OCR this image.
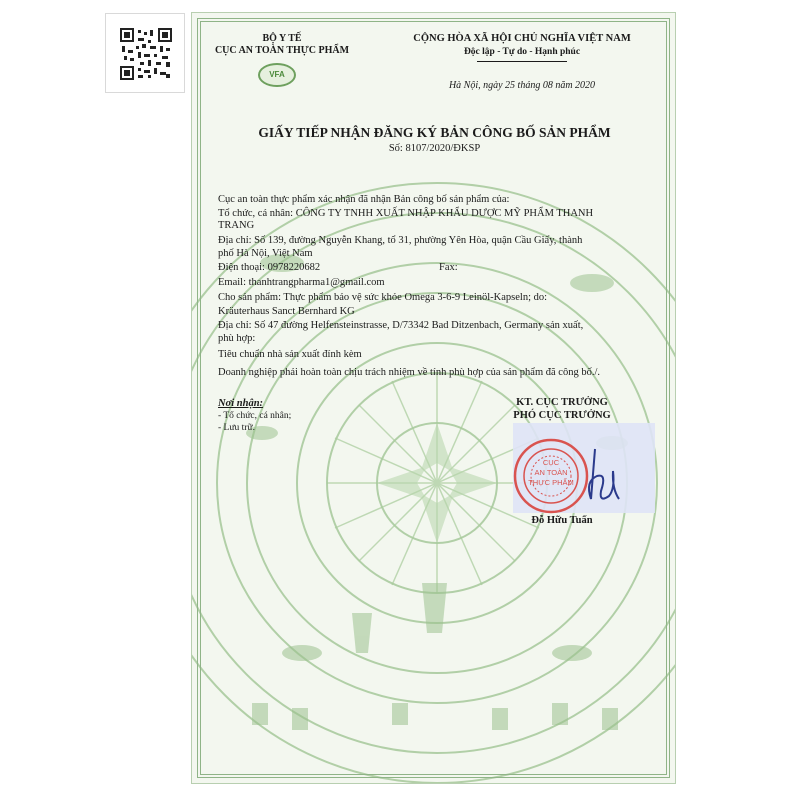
BỘ Y TẾ
CỤC AN TOÀN THỰC PHẨM
VFA
CỘNG HÒA XÃ HỘI CHỦ NGHĨA VIỆT NAM
Độc lập - Tự do - Hạnh phúc
Hà Nội, ngày 25 tháng 08 năm 2020
GIẤY TIẾP NHẬN ĐĂNG KÝ BẢN CÔNG BỐ SẢN PHẨM
Số: 8107/2020/ĐKSP
Cục an toàn thực phẩm xác nhận đã nhận Bản công bố sản phẩm của:
Tổ chức, cá nhân: CÔNG TY TNHH XUẤT NHẬP KHẨU DƯỢC MỸ PHẨM THANH
TRANG
Địa chỉ: Số 139, đường Nguyễn Khang, tổ 31, phường Yên Hòa, quận Cầu Giấy, thành
phố Hà Nội, Việt Nam
Điện thoại: 0978220682	Fax:
Email: thanhtrangpharma1@gmail.com
Cho sản phẩm: Thực phẩm bảo vệ sức khỏe Omega 3-6-9 Leinöl-Kapseln; do:
Kräuterhaus Sanct Bernhard KG
Địa chỉ: Số 47 đường Helfensteinstrasse, D/73342 Bad Ditzenbach, Germany sản xuất,
phù hợp:
Tiêu chuẩn nhà sản xuất đính kèm
Doanh nghiệp phải hoàn toàn chịu trách nhiệm về tính phù hợp của sản phẩm đã công bố./.
Nơi nhận:
- Tổ chức, cá nhân;
- Lưu trữ.
KT. CỤC TRƯỞNG
PHÓ CỤC TRƯỞNG
CỤC
AN TOÀN
THỰC PHẨM
Đỗ Hữu Tuấn
